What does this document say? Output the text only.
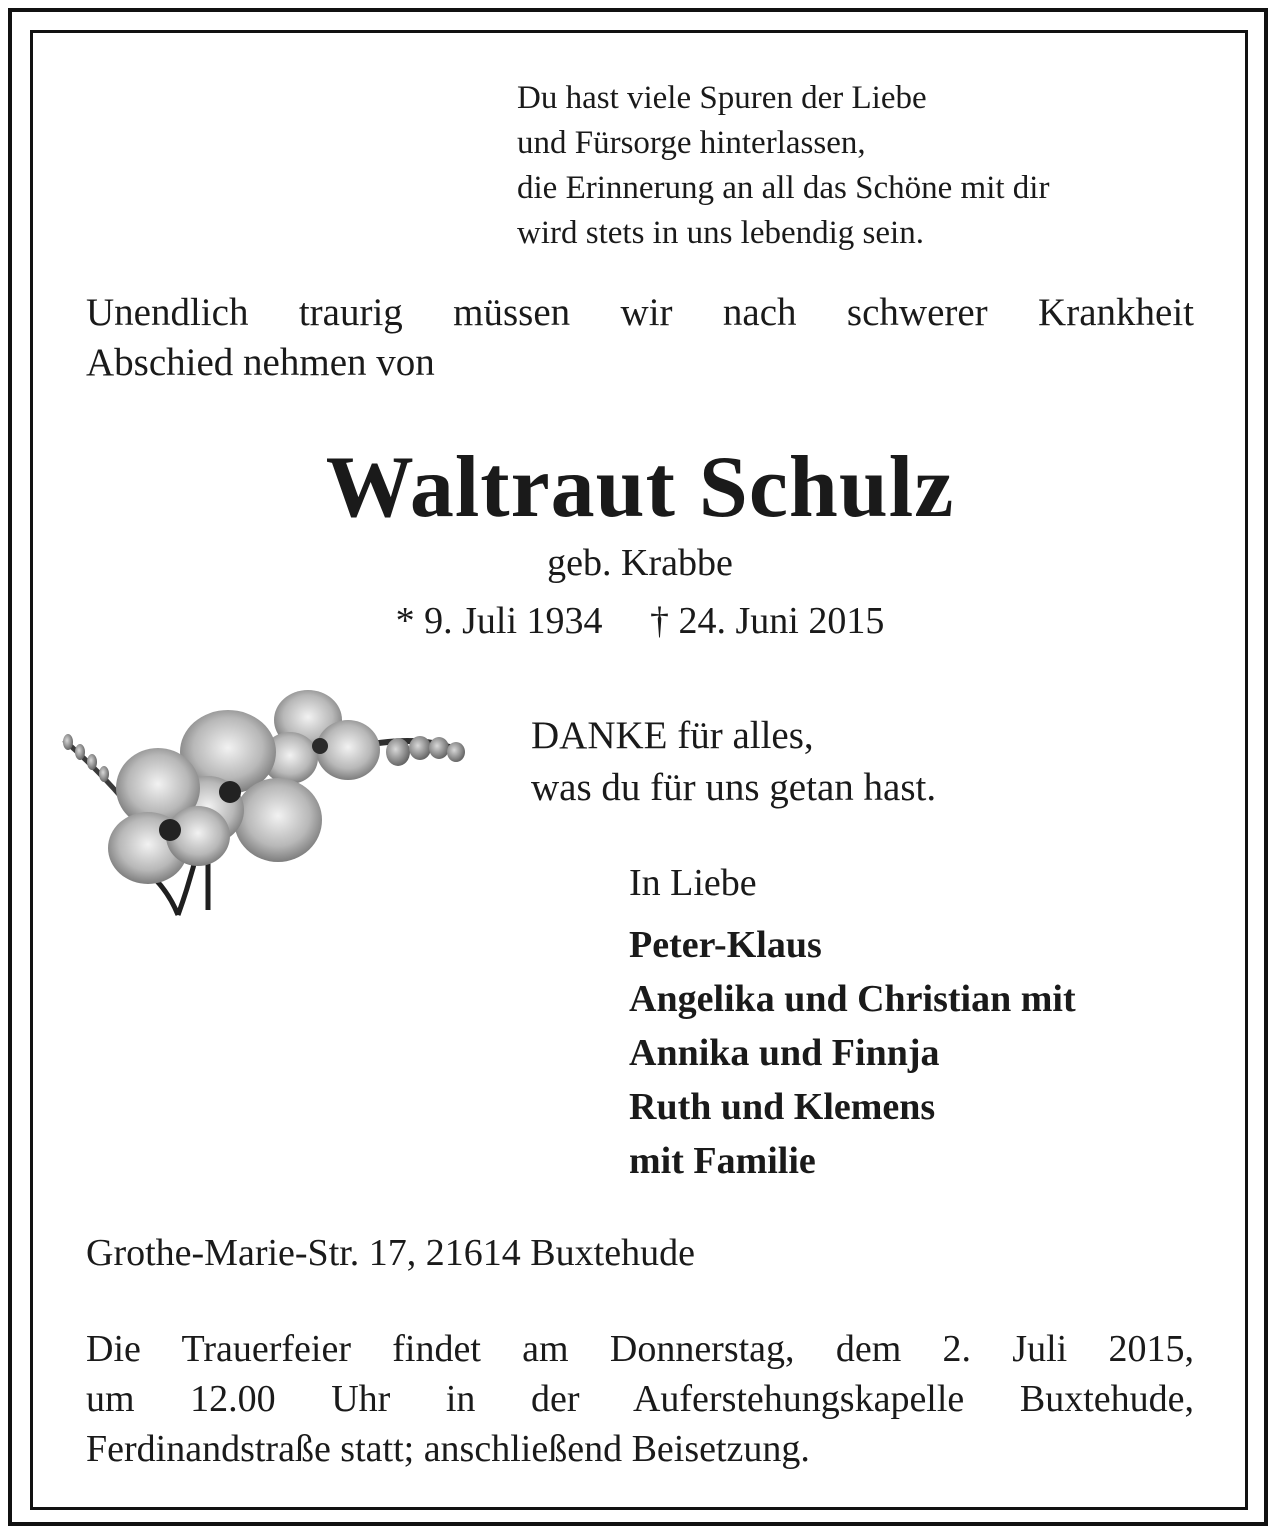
Du hast viele Spuren der Liebe
und Fürsorge hinterlassen,
die Erinnerung an all das Schöne mit dir
wird stets in uns lebendig sein.
Unendlich traurig müssen wir nach schwerer Krankheit
Abschied nehmen von
Waltraut Schulz
geb. Krabbe
* 9. Juli 1934 † 24. Juni 2015
DANKE für alles,
was du für uns getan hast.
In Liebe
Peter-Klaus
Angelika und Christian mit
Annika und Finnja
Ruth und Klemens
mit Familie
Grothe-Marie-Str. 17, 21614 Buxtehude
Die Trauerfeier findet am Donnerstag, dem 2. Juli 2015,
um 12.00 Uhr in der Auferstehungskapelle Buxtehude,
Ferdinandstraße statt; anschließend Beisetzung.
